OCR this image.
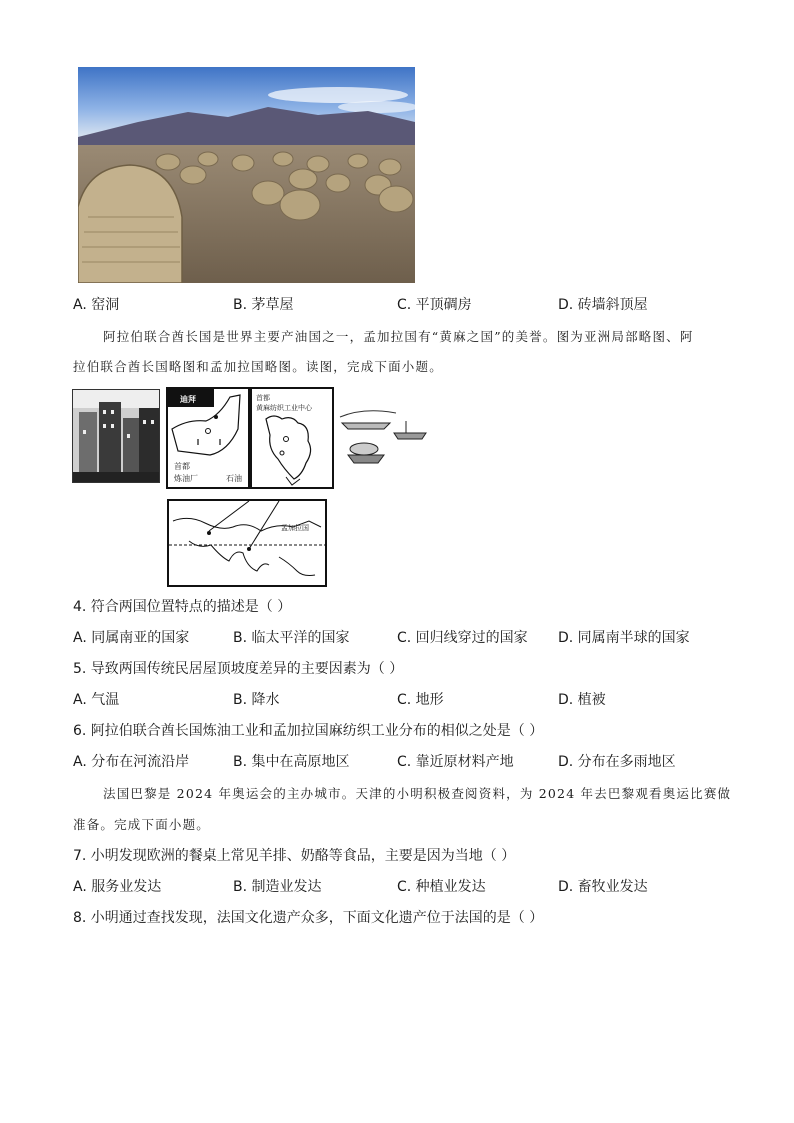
A. 窑洞	B. 茅草屋	C. 平顶碉房	D. 砖墙斜顶屋
阿拉伯联合酋长国是世界主要产油国之一，孟加拉国有“黄麻之国”的美誉。图为亚洲局部略图、阿
拉伯联合酋长国略图和孟加拉国略图。读图，完成下面小题。
迪拜
首都
炼油厂	石油
首都
黄麻纺织工业中心
孟加拉国
4. 符合两国位置特点的描述是（ ）
A. 同属南亚的国家	B. 临太平洋的国家	C. 回归线穿过的国家 D. 同属南半球的国家
5. 导致两国传统民居屋顶坡度差异的主要因素为（ ）
A. 气温	B. 降水	C. 地形	D. 植被
6. 阿拉伯联合酋长国炼油工业和孟加拉国麻纺织工业分布的相似之处是（ ）
A. 分布在河流沿岸	B. 集中在高原地区	C. 靠近原材料产地	D. 分布在多雨地区
法国巴黎是 2024 年奥运会的主办城市。天津的小明积极查阅资料，为 2024 年去巴黎观看奥运比赛做
准备。完成下面小题。
7. 小明发现欧洲的餐桌上常见羊排、奶酪等食品，主要是因为当地（ ）
A. 服务业发达	B. 制造业发达	C. 种植业发达	D. 畜牧业发达
8. 小明通过查找发现，法国文化遗产众多，下面文化遗产位于法国的是（ ）
